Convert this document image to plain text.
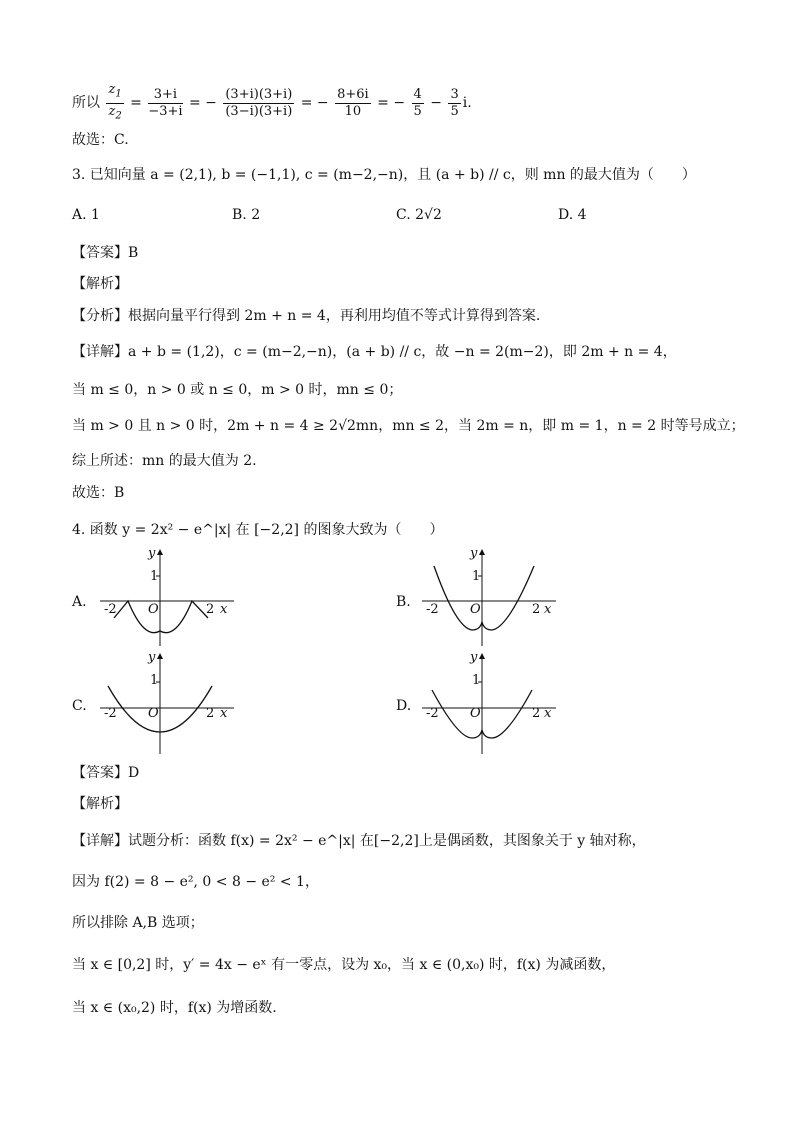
所以 $\frac{z_1}{z_2} = \frac{3+i}{-3+i}$ = − $\frac{(3+i)(3+i)}{(3-i)(3+i)}$ = − $\frac{8+6i}{10}$ = − $\frac{4}{5} - \frac{3}{5} i$.
故选：C.
3. 已知向量 a = (2,1), b = (−1,1), c = (m−2,−n)，且 (a + b) // c，则 mn 的最大值为（　　）
A. 1	B. 2	C. 2√2	D. 4
【答案】B
【解析】
【分析】根据向量平行得到 2m + n = 4，再利用均值不等式计算得到答案.
【详解】a + b = (1,2)，c = (m−2,−n)，(a + b) // c，故 −n = 2(m−2)，即 2m + n = 4，
当 m ≤ 0，n > 0 或 n ≤ 0，m > 0 时，mn ≤ 0；
当 m > 0 且 n > 0 时，2m + n = 4 ≥ 2√2mn，mn ≤ 2，当 2m = n，即 m = 1，n = 2 时等号成立；
综上所述：mn 的最大值为 2.
故选：B
4. 函数 y = 2x² − e^|x| 在 [−2,2] 的图象大致为（　　）
A.
y
1
-2 O	2 x	B.
y
1
-2 O	2 x
C.
y
1
-2 O	2 x	D.
y
1
-2 O	2 x
【答案】D
【解析】
【详解】试题分析：函数 f(x) = 2x² − e^|x| 在[−2,2]上是偶函数，其图象关于 y 轴对称，
因为 f(2) = 8 − e², 0 < 8 − e² < 1，
所以排除 A,B 选项；
当 x ∈ [0,2] 时，y′ = 4x − eˣ 有一零点，设为 x₀，当 x ∈ (0,x₀) 时，f(x) 为减函数，
当 x ∈ (x₀,2) 时，f(x) 为增函数.
